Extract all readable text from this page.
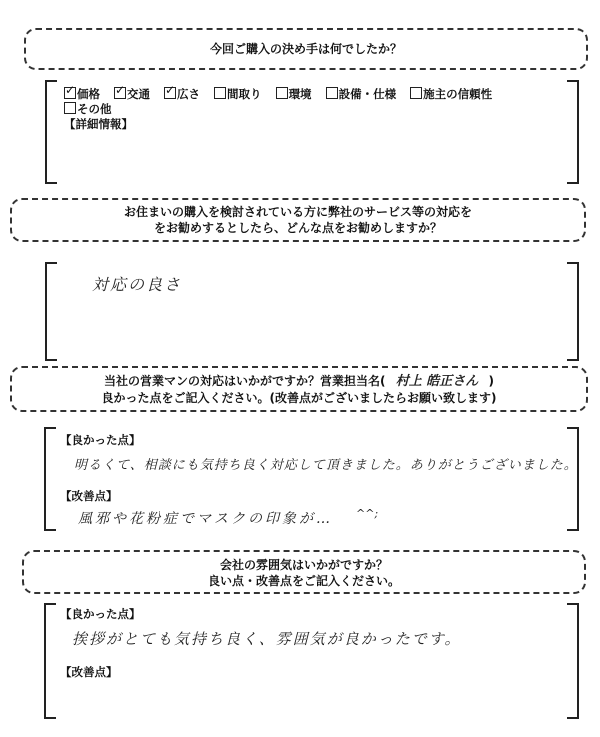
今回ご購入の決め手は何でしたか？
✓価格 ✓ 交通 ✓ 広さ 間取り 環境 設備・仕様 施主の信頼性
その他
【詳細情報】
お住まいの購入を検討されている方に弊社のサービス等の対応を
をお勧めするとしたら、どんな点をお勧めしますか？
対応の良さ
当社の営業マンの対応はいかがですか？営業担当名( 村上 皓正さん )
良かった点をご記入ください。(改善点がございましたらお願い致します)
【良かった点】
明るくて、相談にも気持ち良く対応して頂きました。ありがとうございました。
【改善点】
風邪や花粉症でマスクの印象が… ^^;
会社の雰囲気はいかがですか？
良い点・改善点をご記入ください。
【良かった点】
挨拶がとても気持ち良く、雰囲気が良かったです。
【改善点】
